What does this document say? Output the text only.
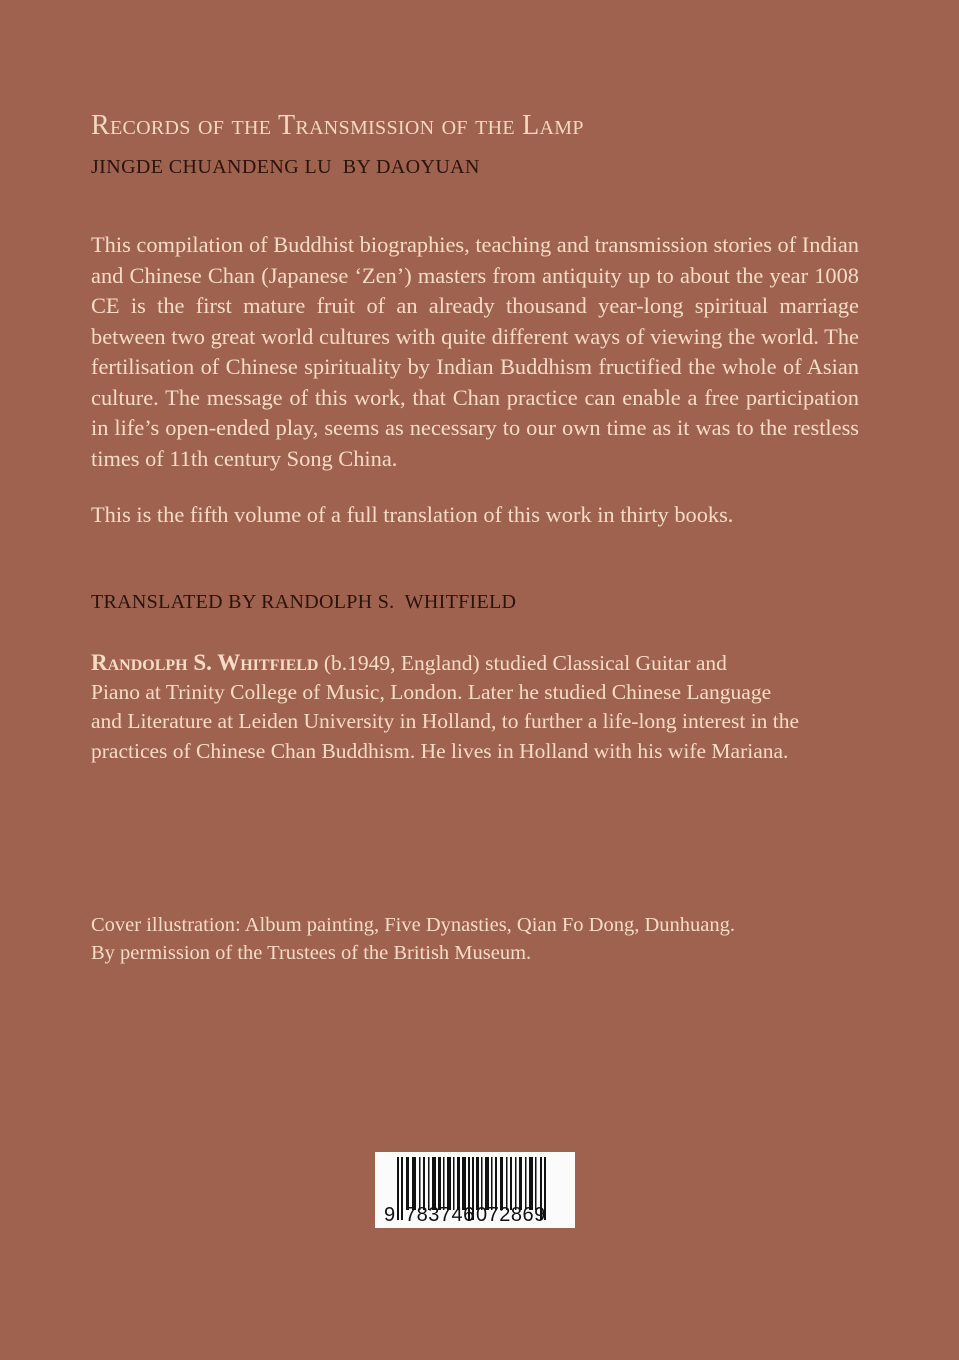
Records of the Transmission of the Lamp
JINGDE CHUANDENG LU  BY DAOYUAN
This compilation of Buddhist biographies, teaching and transmission stories of Indian and Chinese Chan (Japanese ‘Zen’) masters from antiquity up to about the year 1008 CE is the first mature fruit of an already thousand year-long spiritual marriage between two great world cultures with quite different ways of viewing the world. The fertilisation of Chinese spirituality by Indian Buddhism fructified the whole of Asian culture. The message of this work, that Chan practice can enable a free participation in life’s open-ended play, seems as necessary to our own time as it was to the restless times of 11th century Song China.
This is the fifth volume of a full translation of this work in thirty books.
TRANSLATED BY RANDOLPH S.  WHITFIELD
Randolph S. Whitfield (b.1949, England) studied Classical Guitar and
Piano at Trinity College of Music, London. Later he studied Chinese Language
and Literature at Leiden University in Holland, to further a life-long interest in the
practices of Chinese Chan Buddhism. He lives in Holland with his wife Mariana.
Cover illustration: Album painting, Five Dynasties, Qian Fo Dong, Dunhuang.
By permission of the Trustees of the British Museum.
9 783746 072869
